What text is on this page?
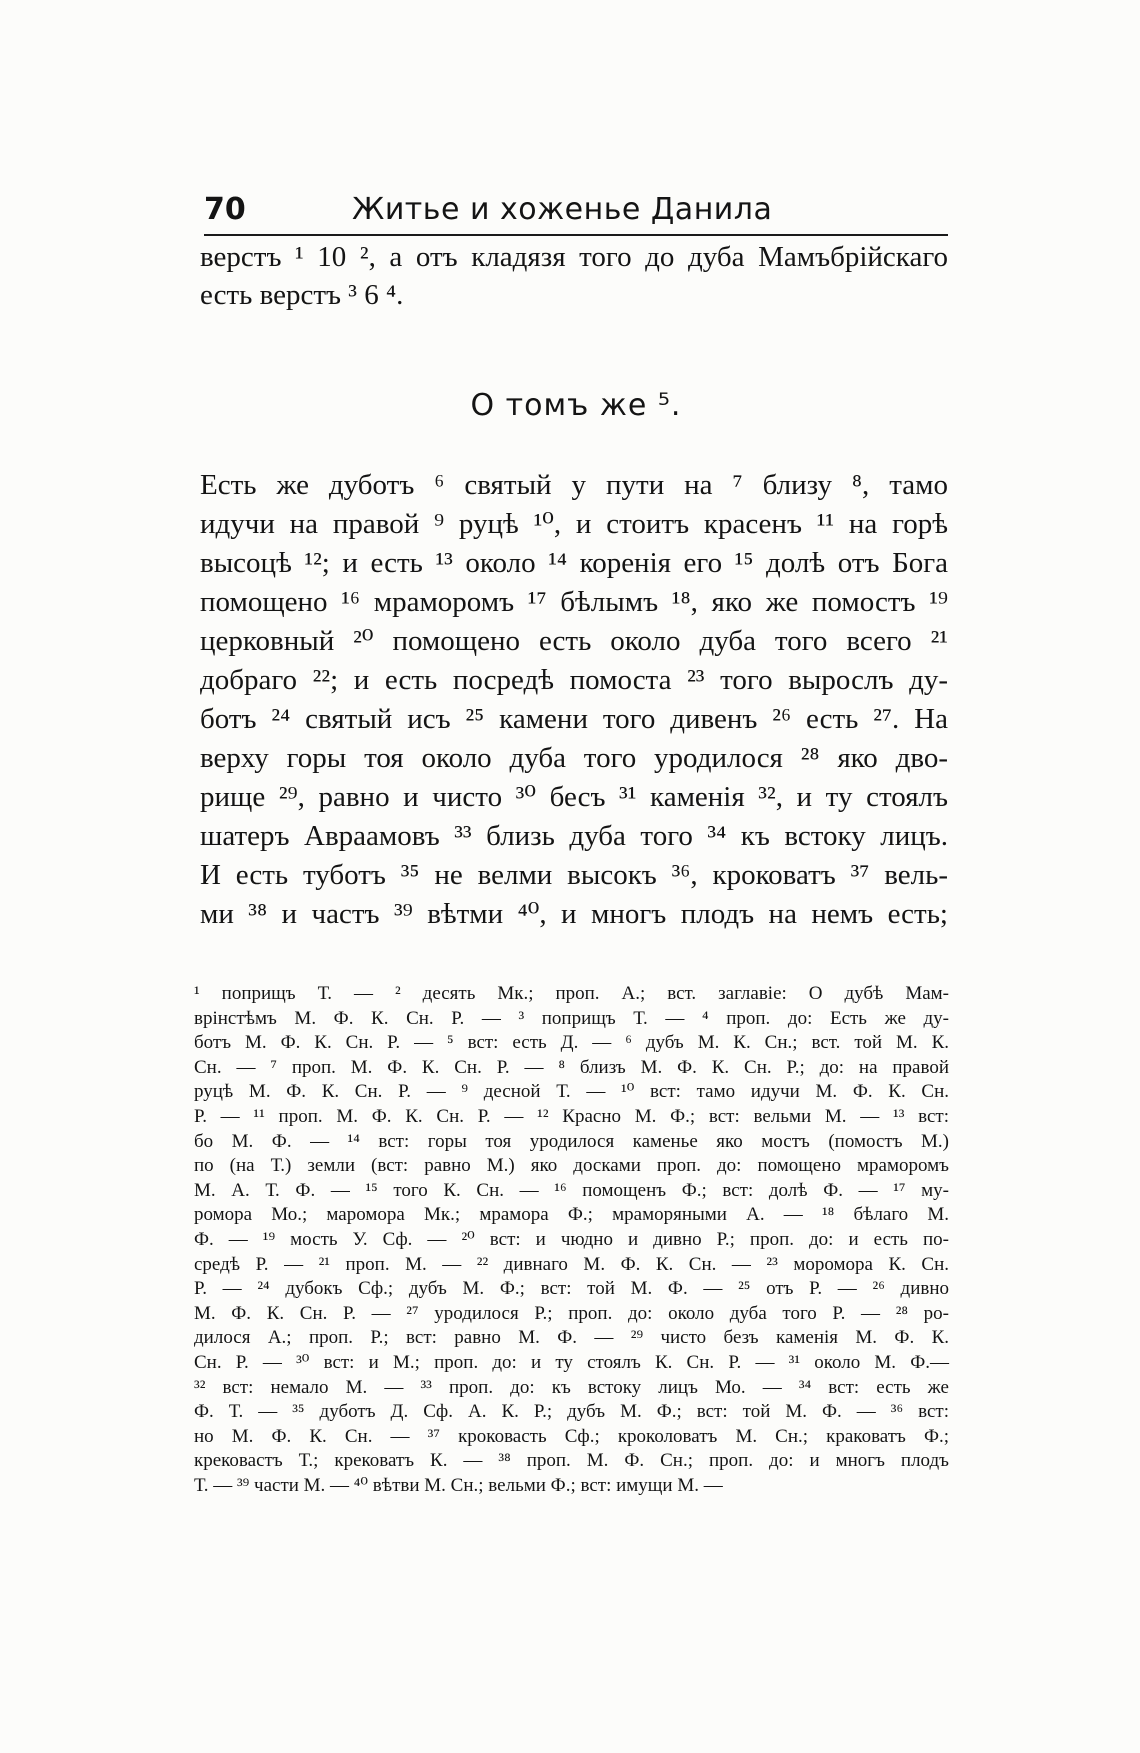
70	Житье и хоженье Данила
верстъ ¹ 10 ², а отъ кладязя того до дуба Мамъбрійскаго
есть верстъ ³ 6 ⁴.
О томъ же ⁵.
Есть же дуботъ ⁶ святый у пути на ⁷ близу ⁸, тамо
идучи на правой ⁹ руцѣ ¹⁰, и стоитъ красенъ ¹¹ на горѣ
высоцѣ ¹²; и есть ¹³ около ¹⁴ коренія его ¹⁵ долѣ отъ Бога
помощено ¹⁶ мраморомъ ¹⁷ бѣлымъ ¹⁸, яко же помостъ ¹⁹
церковный ²⁰ помощено есть около дуба того всего ²¹
добраго ²²; и есть посредѣ помоста ²³ того вырослъ ду-
ботъ ²⁴ святый исъ ²⁵ камени того дивенъ ²⁶ есть ²⁷. На
верху горы тоя около дуба того уродилося ²⁸ яко дво-
рище ²⁹, равно и чисто ³⁰ бесъ ³¹ каменія ³², и ту стоялъ
шатеръ Авраамовъ ³³ близь дуба того ³⁴ къ встоку лицъ.
И есть туботъ ³⁵ не велми высокъ ³⁶, кроковатъ ³⁷ вель-
ми ³⁸ и частъ ³⁹ вѣтми ⁴⁰, и многъ плодъ на немъ есть;
¹ поприщъ Т. — ² десять Мк.; проп. А.; вст. заглавіе: О дубѣ Мам-
врінстѣмъ М. Ф. К. Сн. Р. — ³ поприщъ Т. — ⁴ проп. до: Есть же ду-
ботъ М. Ф. К. Сн. Р. — ⁵ вст: есть Д. — ⁶ дубъ М. К. Сн.; вст. той М. К.
Сн. — ⁷ проп. М. Ф. К. Сн. Р. — ⁸ близъ М. Ф. К. Сн. Р.; до: на правой
руцѣ М. Ф. К. Сн. Р. — ⁹ десной Т. — ¹⁰ вст: тамо идучи М. Ф. К. Сн.
Р. — ¹¹ проп. М. Ф. К. Сн. Р. — ¹² Красно М. Ф.; вст: вельми М. — ¹³ вст:
бо М. Ф. — ¹⁴ вст: горы тоя уродилося каменье яко мостъ (помостъ М.)
по (на Т.) земли (вст: равно М.) яко досками проп. до: помощено мраморомъ
М. А. Т. Ф. — ¹⁵ того К. Сн. — ¹⁶ помощенъ Ф.; вст: долѣ Ф. — ¹⁷ му-
ромора Мо.; маромора Мк.; мрамора Ф.; мраморяными А. — ¹⁸ бѣлаго М.
Ф. — ¹⁹ мость У. Сф. — ²⁰ вст: и чюдно и дивно Р.; проп. до: и есть по-
средѣ Р. — ²¹ проп. М. — ²² дивнаго М. Ф. К. Сн. — ²³ моромора К. Сн.
Р. — ²⁴ дубокъ Сф.; дубъ М. Ф.; вст: той М. Ф. — ²⁵ отъ Р. — ²⁶ дивно
М. Ф. К. Сн. Р. — ²⁷ уродилося Р.; проп. до: около дуба того Р. — ²⁸ ро-
дилося А.; проп. Р.; вст: равно М. Ф. — ²⁹ чисто безъ каменія М. Ф. К.
Сн. Р. — ³⁰ вст: и М.; проп. до: и ту стоялъ К. Сн. Р. — ³¹ около М. Ф.—
³² вст: немало М. — ³³ проп. до: къ встоку лицъ Мо. — ³⁴ вст: есть же
Ф. Т. — ³⁵ дуботъ Д. Сф. А. К. Р.; дубъ М. Ф.; вст: той М. Ф. — ³⁶ вст:
но М. Ф. К. Сн. — ³⁷ кроковасть Сф.; кроколоватъ М. Сн.; краковатъ Ф.;
крековастъ Т.; крековатъ К. — ³⁸ проп. М. Ф. Сн.; проп. до: и многъ плодъ
Т. — ³⁹ части М. — ⁴⁰ вѣтви М. Сн.; вельми Ф.; вст: имущи М. —
